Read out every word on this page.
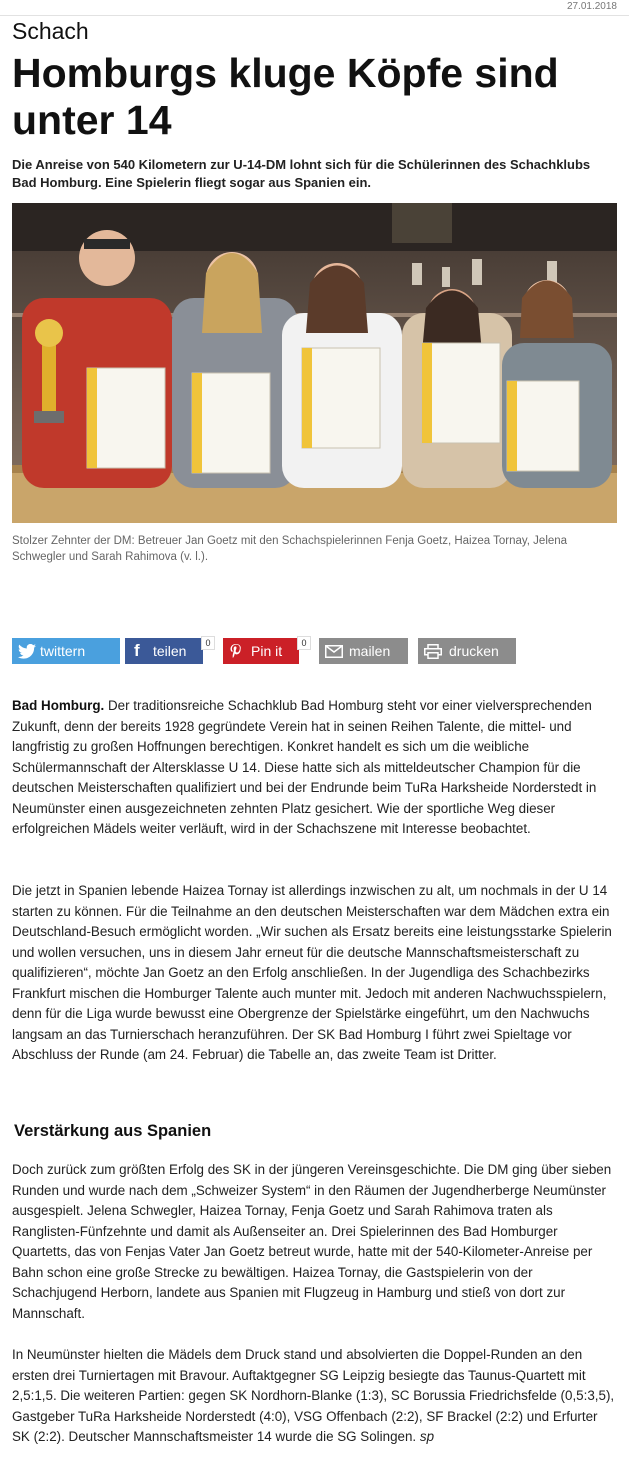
27.01.2018
Schach
Homburgs kluge Köpfe sind unter 14

Die Anreise von 540 Kilometern zur U-14-DM lohnt sich für die Schülerinnen des Schachklubs Bad Homburg. Eine Spielerin fliegt sogar aus Spanien ein.

Stolzer Zehnter der DM: Betreuer Jan Goetz mit den Schachspielerinnen Fenja Goetz, Haizea Tornay, Jelena Schwegler und Sarah Rahimova (v. l.).

twittern	f teilen	0	Pin it	0	mailen	drucken

Bad Homburg. Der traditionsreiche Schachklub Bad Homburg steht vor einer vielversprechenden Zukunft, denn der bereits 1928 gegründete Verein hat in seinen Reihen Talente, die mittel- und langfristig zu großen Hoffnungen berechtigen. Konkret handelt es sich um die weibliche Schülermannschaft der Altersklasse U 14. Diese hatte sich als mitteldeutscher Champion für die deutschen Meisterschaften qualifiziert und bei der Endrunde beim TuRa Harksheide Norderstedt in Neumünster einen ausgezeichneten zehnten Platz gesichert. Wie der sportliche Weg dieser erfolgreichen Mädels weiter verläuft, wird in der Schachszene mit Interesse beobachtet.

Die jetzt in Spanien lebende Haizea Tornay ist allerdings inzwischen zu alt, um nochmals in der U 14 starten zu können. Für die Teilnahme an den deutschen Meisterschaften war dem Mädchen extra ein Deutschland-Besuch ermöglicht worden. „Wir suchen als Ersatz bereits eine leistungsstarke Spielerin und wollen versuchen, uns in diesem Jahr erneut für die deutsche Mannschaftsmeisterschaft zu qualifizieren“, möchte Jan Goetz an den Erfolg anschließen. In der Jugendliga des Schachbezirks Frankfurt mischen die Homburger Talente auch munter mit. Jedoch mit anderen Nachwuchsspielern, denn für die Liga wurde bewusst eine Obergrenze der Spielstärke eingeführt, um den Nachwuchs langsam an das Turnierschach heranzuführen. Der SK Bad Homburg I führt zwei Spieltage vor Abschluss der Runde (am 24. Februar) die Tabelle an, das zweite Team ist Dritter.

Verstärkung aus Spanien

Doch zurück zum größten Erfolg des SK in der jüngeren Vereinsgeschichte. Die DM ging über sieben Runden und wurde nach dem „Schweizer System“ in den Räumen der Jugendherberge Neumünster ausgespielt. Jelena Schwegler, Haizea Tornay, Fenja Goetz und Sarah Rahimova traten als Ranglisten-Fünfzehnte und damit als Außenseiter an. Drei Spielerinnen des Bad Homburger Quartetts, das von Fenjas Vater Jan Goetz betreut wurde, hatte mit der 540-Kilometer-Anreise per Bahn schon eine große Strecke zu bewältigen. Haizea Tornay, die Gastspielerin von der Schachjugend Herborn, landete aus Spanien mit Flugzeug in Hamburg und stieß von dort zur Mannschaft.

In Neumünster hielten die Mädels dem Druck stand und absolvierten die Doppel-Runden an den ersten drei Turniertagen mit Bravour. Auftaktgegner SG Leipzig besiegte das Taunus-Quartett mit 2,5:1,5. Die weiteren Partien: gegen SK Nordhorn-Blanke (1:3), SC Borussia Friedrichsfelde (0,5:3,5), Gastgeber TuRa Harksheide Norderstedt (4:0), VSG Offenbach (2:2), SF Brackel (2:2) und Erfurter SK (2:2). Deutscher Mannschaftsmeister 14 wurde die SG Solingen. sp
